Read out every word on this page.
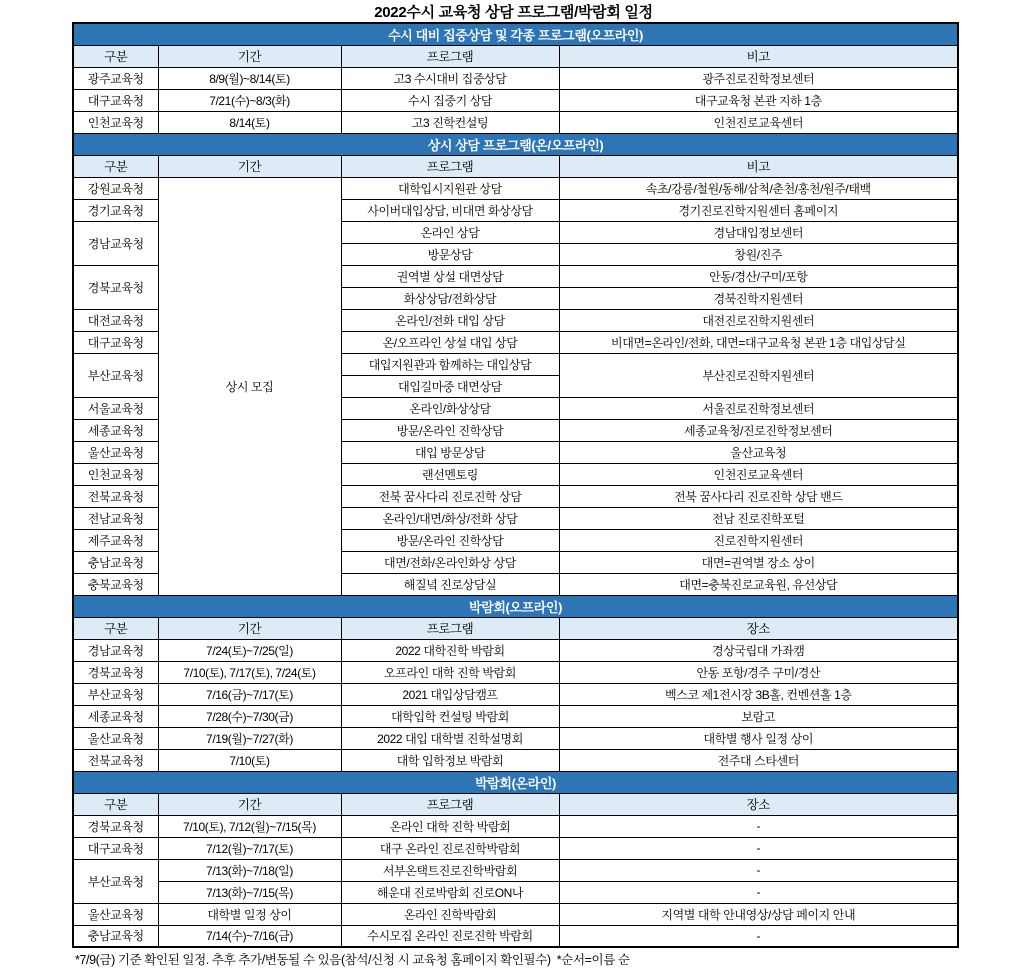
2022수시 교육청 상담 프로그램/박람회 일정
수시 대비 집중상담 및 각종 프로그램(오프라인)			
구분	기간	프로그램	비고
광주교육청	8/9(월)~8/14(토)	고3 수시대비 집중상담	광주진로진학정보센터
대구교육청	7/21(수)~8/3(화)	수시 집중기 상담	대구교육청 본관 지하 1층
인천교육청	8/14(토)	고3 진학컨설팅	인천진로교육센터
상시 상담 프로그램(온/오프라인)			
구분	기간	프로그램	비고
강원교육청	상시 모집	대학입시지원관 상담	속초/강릉/철원/동해/삼척/춘천/홍천/원주/태백
경기교육청		사이버대입상담, 비대면 화상상담	경기진로진학지원센터 홈페이지
경남교육청		온라인 상담	경남대입정보센터
		방문상담	창원/진주
경북교육청		권역별 상설 대면상담	안동/경산/구미/포항
		화상상담/전화상담	경북진학지원센터
대전교육청		온라인/전화 대입 상담	대전진로진학지원센터
대구교육청		온/오프라인 상설 대입 상담	비대면=온라인/전화, 대면=대구교육청 본관 1층 대입상담실
부산교육청		대입지원관과 함께하는 대입상담	부산진로진학지원센터
		대입길마중 대면상담	
서울교육청		온라인/화상상담	서울진로진학정보센터
세종교육청		방문/온라인 진학상담	세종교육청/진로진학정보센터
울산교육청		대입 방문상담	울산교육청
인천교육청		랜선멘토링	인천진로교육센터
전북교육청		전북 꿈사다리 진로진학 상담	전북 꿈사다리 진로진학 상담 밴드
전남교육청		온라인/대면/화상/전화 상담	전남 진로진학포털
제주교육청		방문/온라인 진학상담	진로진학지원센터
충남교육청		대면/전화/온라인화상 상담	대면=권역별 장소 상이
충북교육청		해질녘 진로상담실	대면=충북진로교육원, 유선상담
박람회(오프라인)			
구분	기간	프로그램	장소
경남교육청	7/24(토)~7/25(일)	2022 대학진학 박람회	경상국립대 가좌캠
경북교육청	7/10(토), 7/17(토), 7/24(토)	오프라인 대학 진학 박람회	안동 포항/경주 구미/경산
부산교육청	7/16(금)~7/17(토)	2021 대입상담캠프	벡스코 제1전시장 3B홀, 컨벤션홀 1층
세종교육청	7/28(수)~7/30(금)	대학입학 컨설팅 박람회	보람고
울산교육청	7/19(월)~7/27(화)	2022 대입 대학별 진학설명회	대학별 행사 일정 상이
전북교육청	7/10(토)	대학 입학정보 박람회	전주대 스타센터
박람회(온라인)			
구분	기간	프로그램	장소
경북교육청	7/10(토), 7/12(월)~7/15(목)	온라인 대학 진학 박람회	-
대구교육청	7/12(월)~7/17(토)	대구 온라인 진로진학박람회	-
부산교육청	7/13(화)~7/18(일)	서부온택트진로진학박람회	-
	7/13(화)~7/15(목)	해운대 진로박람회 진로ON나	-
울산교육청	대학별 일정 상이	온라인 진학박람회	지역별 대학 안내영상/상담 페이지 안내
충남교육청	7/14(수)~7/16(금)	수시모집 온라인 진로진학 박람회	-
*7/9(금) 기준 확인된 일정. 추후 추가/변동될 수 있음(참석/신청 시 교육청 홈페이지 확인필수)  *순서=이름 순
